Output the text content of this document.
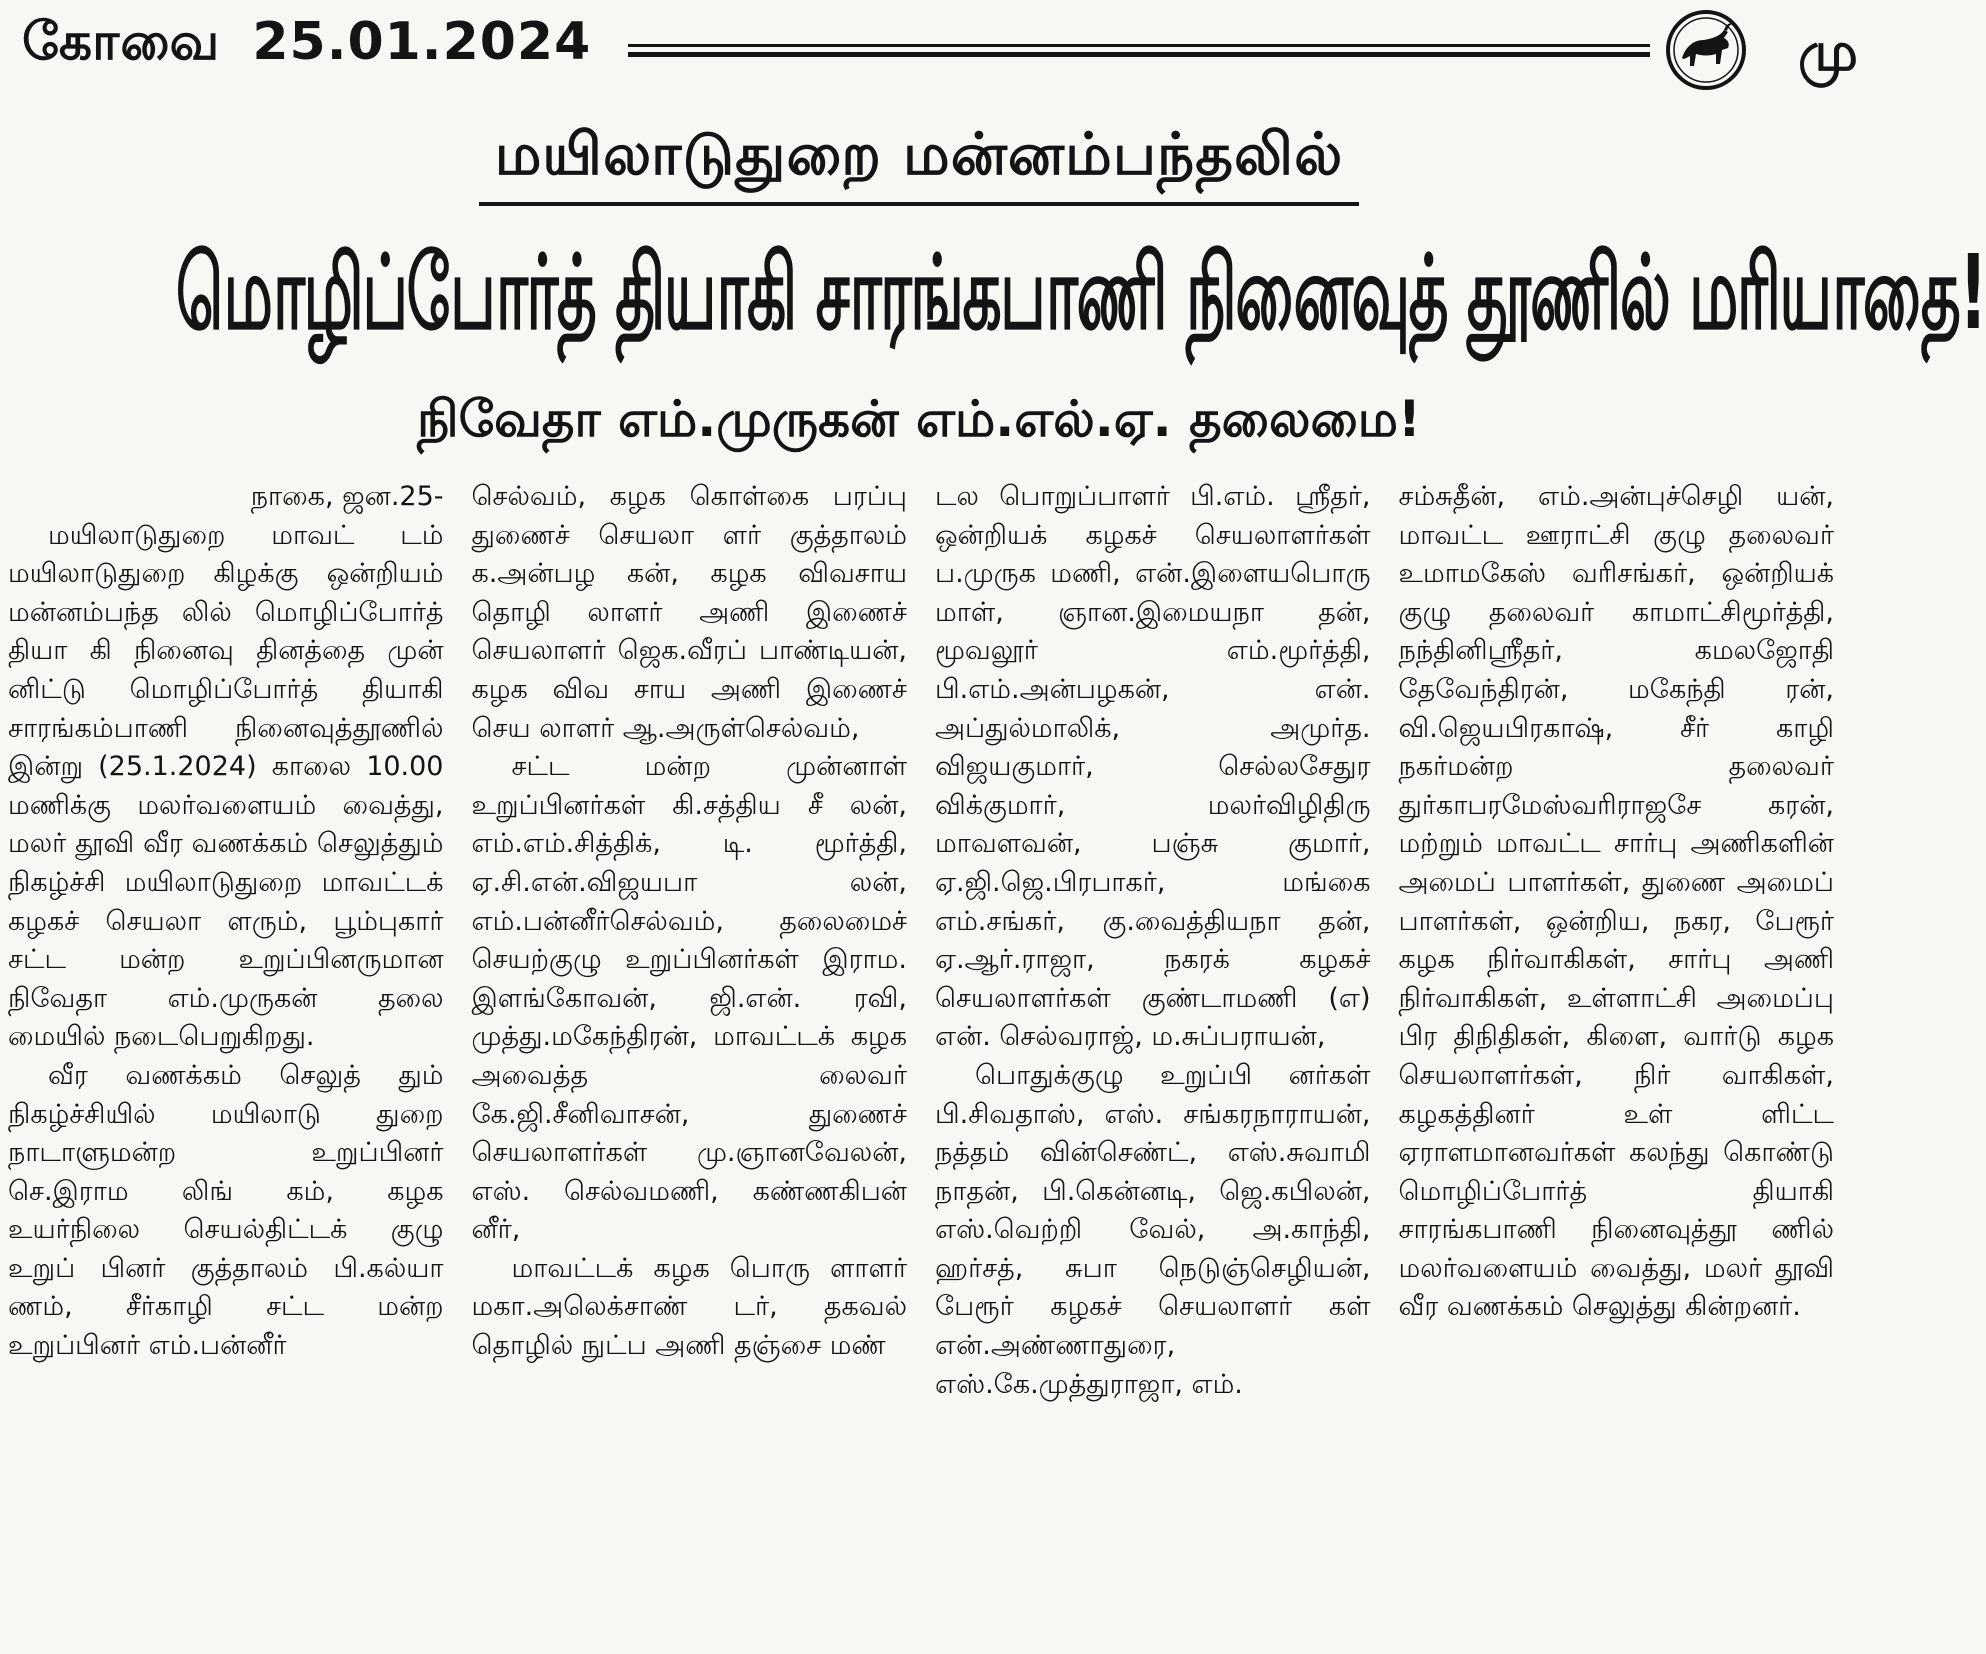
கோவை 25.01.2024	மு
மயிலாடுதுறை மன்னம்பந்தலில்
மொழிப்போர்த் தியாகி சாரங்கபாணி நினைவுத் தூணில் மரியாதை!
நிவேதா எம்.முருகன் எம்.எல்.ஏ. தலைமை!

நாகை, ஜன.25-

மயிலாடுதுறை மாவட் டம் மயிலாடுதுறை கிழக்கு ஒன்றியம் மன்னம்பந்த லில் மொழிப்போர்த் தியா கி நினைவு தினத்தை முன் னிட்டு மொழிப்போர்த் தியாகி சாரங்கம்பாணி நினைவுத்தூணில் இன்று (25.1.2024) காலை 10.00 மணிக்கு மலர்வளையம் வைத்து, மலர் தூவி வீர வணக்கம் செலுத்தும் நிகழ்ச்சி மயிலாடுதுறை மாவட்டக் கழகச் செயலா ளரும், பூம்புகார் சட்ட மன்ற உறுப்பினருமான நிவேதா எம்.முருகன் தலை மையில் நடைபெறுகிறது.

வீர வணக்கம் செலுத் தும் நிகழ்ச்சியில் மயிலாடு துறை நாடாளுமன்ற உறுப்பினர் செ.இராம லிங் கம், கழக உயர்நிலை செயல்திட்டக் குழு உறுப் பினர் குத்தாலம் பி.கல்யா ணம், சீர்காழி சட்ட மன்ற உறுப்பினர் எம்.பன்னீர்

செல்வம், கழக கொள்கை பரப்பு துணைச் செயலா ளர் குத்தாலம் க.அன்பழ கன், கழக விவசாய தொழி லாளர் அணி இணைச் செயலாளர் ஜெக.வீரப் பாண்டியன், கழக விவ சாய அணி இணைச் செய லாளர் ஆ.அருள்செல்வம்,

சட்ட மன்ற முன்னாள் உறுப்பினர்கள் கி.சத்திய சீ லன், எம்.எம்.சித்திக், டி. மூர்த்தி, ஏ.சி.என்.விஜயபா லன், எம்.பன்னீர்செல்வம், தலைமைச் செயற்குழு உறுப்பினர்கள் இராம. இளங்கோவன், ஜி.என். ரவி, முத்து.மகேந்திரன், மாவட்டக் கழக அவைத்த லைவர் கே.ஜி.சீனிவாசன், துணைச் செயலாளர்கள் மு.ஞானவேலன், எஸ். செல்வமணி, கண்ணகிபன் னீர்,

மாவட்டக் கழக பொரு ளாளர் மகா.அலெக்சாண் டர், தகவல் தொழில் நுட்ப அணி தஞ்சை மண்

டல பொறுப்பாளர் பி.எம். ஸ்ரீதர், ஒன்றியக் கழகச் செயலாளர்கள் ப.முருக மணி, என்.இளையபொரு மாள், ஞான.இமையநா தன், மூவலூர் எம்.மூர்த்தி, பி.எம்.அன்பழகன், என். அப்துல்மாலிக், அமுர்த. விஜயகுமார், செல்லசேதுர விக்குமார், மலர்விழிதிரு மாவளவன், பஞ்சு குமார், ஏ.ஜி.ஜெ.பிரபாகர், மங்கை எம்.சங்கர், கு.வைத்தியநா தன், ஏ.ஆர்.ராஜா, நகரக் கழகச் செயலாளர்கள் குண்டாமணி (எ) என். செல்வராஜ், ம.சுப்பராயன்,

பொதுக்குழு உறுப்பி னர்கள் பி.சிவதாஸ், எஸ். சங்கரநாராயன், நத்தம் வின்செண்ட், எஸ்.சுவாமி நாதன், பி.கென்னடி, ஜெ.கபிலன், எஸ்.வெற்றி வேல், அ.காந்தி, ஹர்சத், சுபா நெடுஞ்செழியன், பேரூர் கழகச் செயலாளர் கள் என்.அண்ணாதுரை, எஸ்.கே.முத்துராஜா, எம்.

சம்சுதீன், எம்.அன்புச்செழி யன், மாவட்ட ஊராட்சி குழு தலைவர் உமாமகேஸ் வரிசங்கர், ஒன்றியக் குழு தலைவர் காமாட்சிமூர்த்தி, நந்தினிஸ்ரீதர், கமலஜோதி தேவேந்திரன், மகேந்தி ரன், வி.ஜெயபிரகாஷ், சீர் காழி நகர்மன்ற தலைவர் துர்காபரமேஸ்வரிராஜசே கரன், மற்றும் மாவட்ட சார்பு அணிகளின் அமைப் பாளர்கள், துணை அமைப் பாளர்கள், ஒன்றிய, நகர, பேரூர் கழக நிர்வாகிகள், சார்பு அணி நிர்வாகிகள், உள்ளாட்சி அமைப்பு பிர திநிதிகள், கிளை, வார்டு கழக செயலாளர்கள், நிர் வாகிகள், கழகத்தினர் உள் ளிட்ட ஏராளமானவர்கள் கலந்து கொண்டு மொழிப்போர்த் தியாகி சாரங்கபாணி நினைவுத்தூ ணில் மலர்வளையம் வைத்து, மலர் தூவி வீர வணக்கம் செலுத்து கின்றனர்.
